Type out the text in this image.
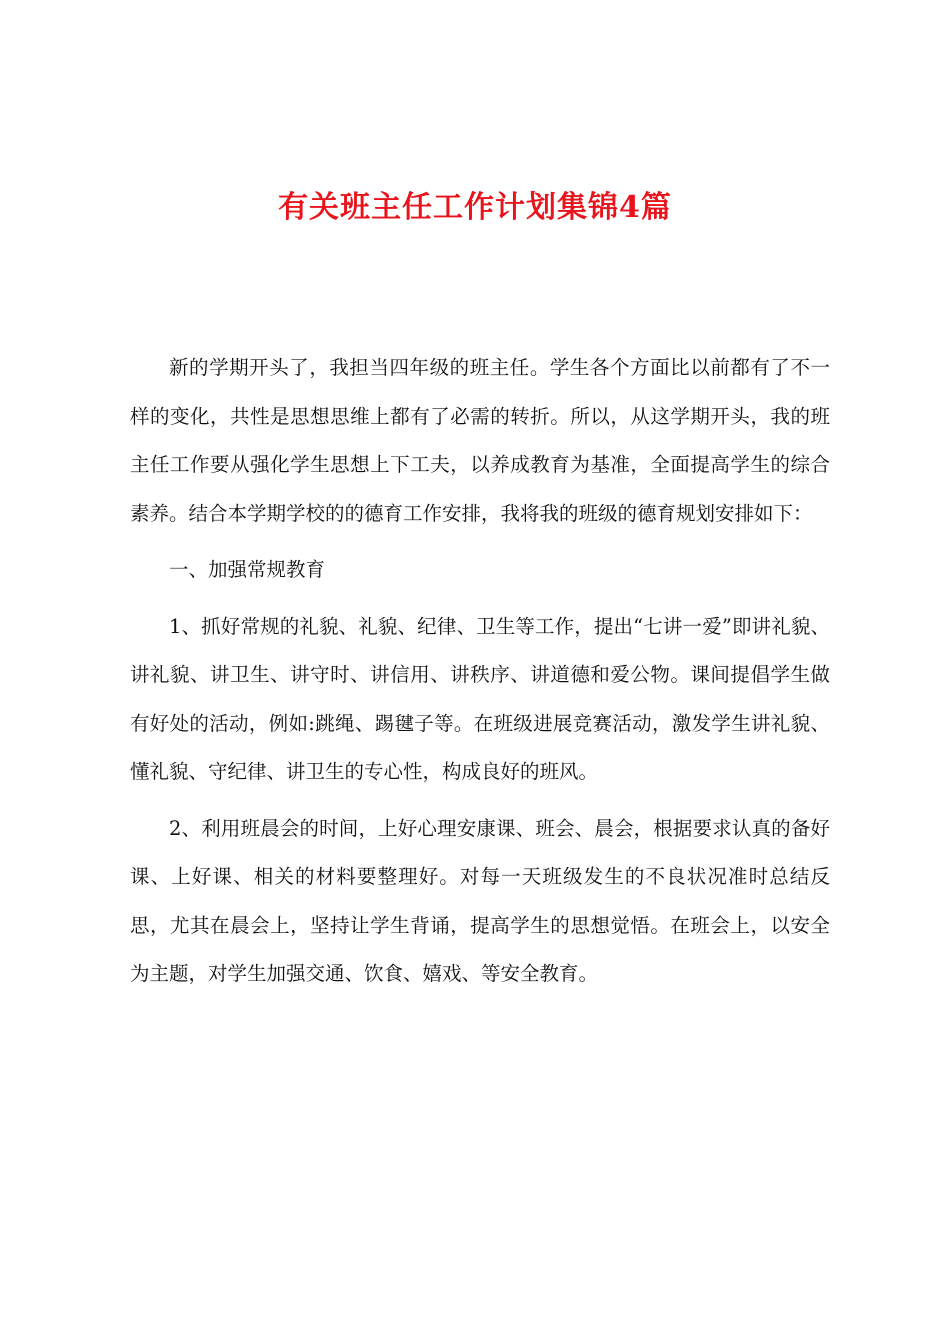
有关班主任工作计划集锦4篇

新的学期开头了，我担当四年级的班主任。学生各个方面比以前都有了不一样的变化，共性是思想思维上都有了必需的转折。所以，从这学期开头，我的班主任工作要从强化学生思想上下工夫，以养成教育为基准，全面提高学生的综合素养。结合本学期学校的的德育工作安排，我将我的班级的德育规划安排如下：

一、加强常规教育

1、抓好常规的礼貌、礼貌、纪律、卫生等工作，提出“七讲一爱”即讲礼貌、讲礼貌、讲卫生、讲守时、讲信用、讲秩序、讲道德和爱公物。课间提倡学生做有好处的活动，例如:跳绳、踢毽子等。在班级进展竞赛活动，激发学生讲礼貌、懂礼貌、守纪律、讲卫生的专心性，构成良好的班风。

2、利用班晨会的时间，上好心理安康课、班会、晨会，根据要求认真的备好课、上好课、相关的材料要整理好。对每一天班级发生的不良状况准时总结反思，尤其在晨会上，坚持让学生背诵，提高学生的思想觉悟。在班会上，以安全为主题，对学生加强交通、饮食、嬉戏、等安全教育。
